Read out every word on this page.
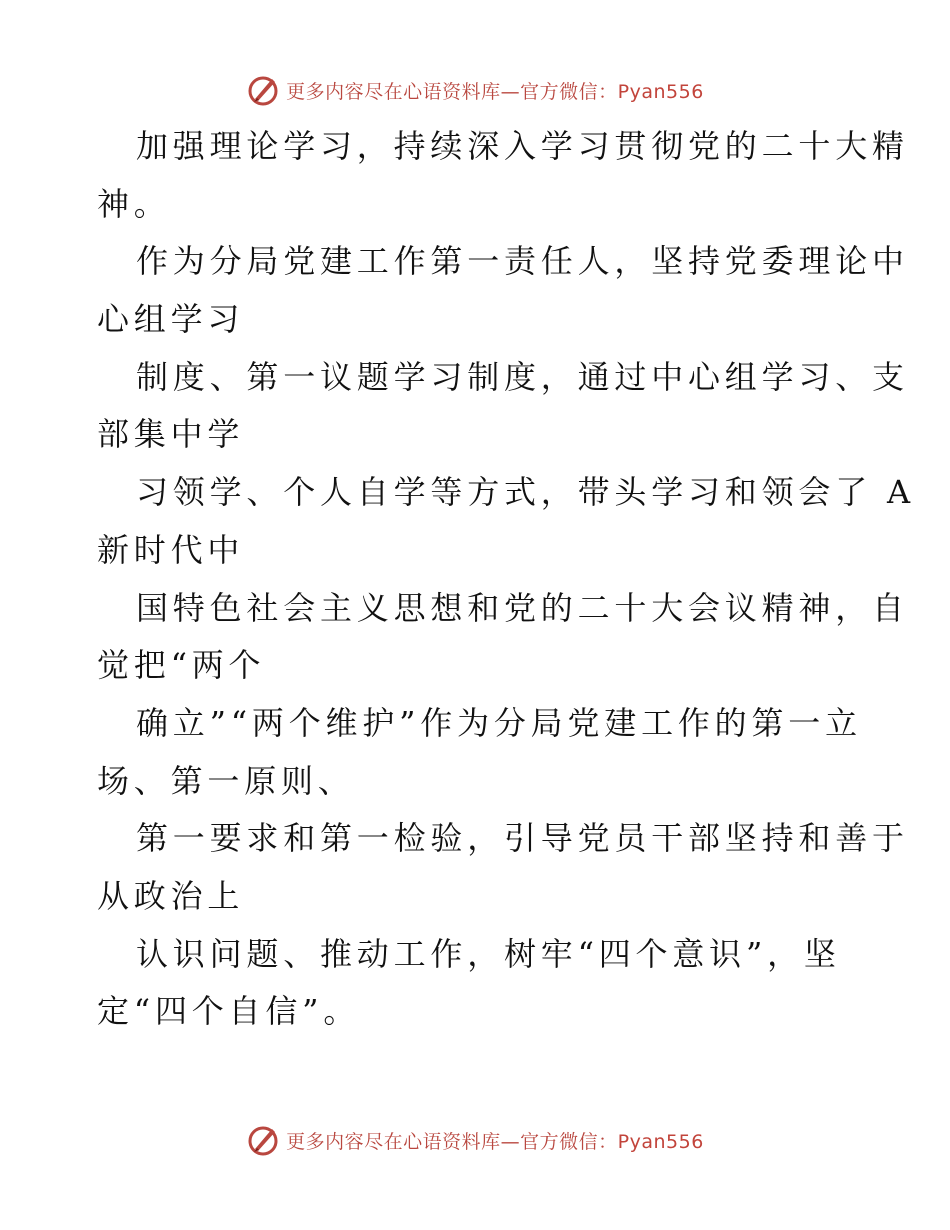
更多内容尽在心语资料库—官方微信：Pyan556
加强理论学习，持续深入学习贯彻党的二十大精
神。
作为分局党建工作第一责任人，坚持党委理论中
心组学习
制度、第一议题学习制度，通过中心组学习、支
部集中学
习领学、个人自学等方式，带头学习和领会了 A
新时代中
国特色社会主义思想和党的二十大会议精神，自
觉把“两个
确立”“两个维护”作为分局党建工作的第一立
场、第一原则、
第一要求和第一检验，引导党员干部坚持和善于
从政治上
认识问题、推动工作，树牢“四个意识”，坚
定“四个自信”。
更多内容尽在心语资料库—官方微信：Pyan556
